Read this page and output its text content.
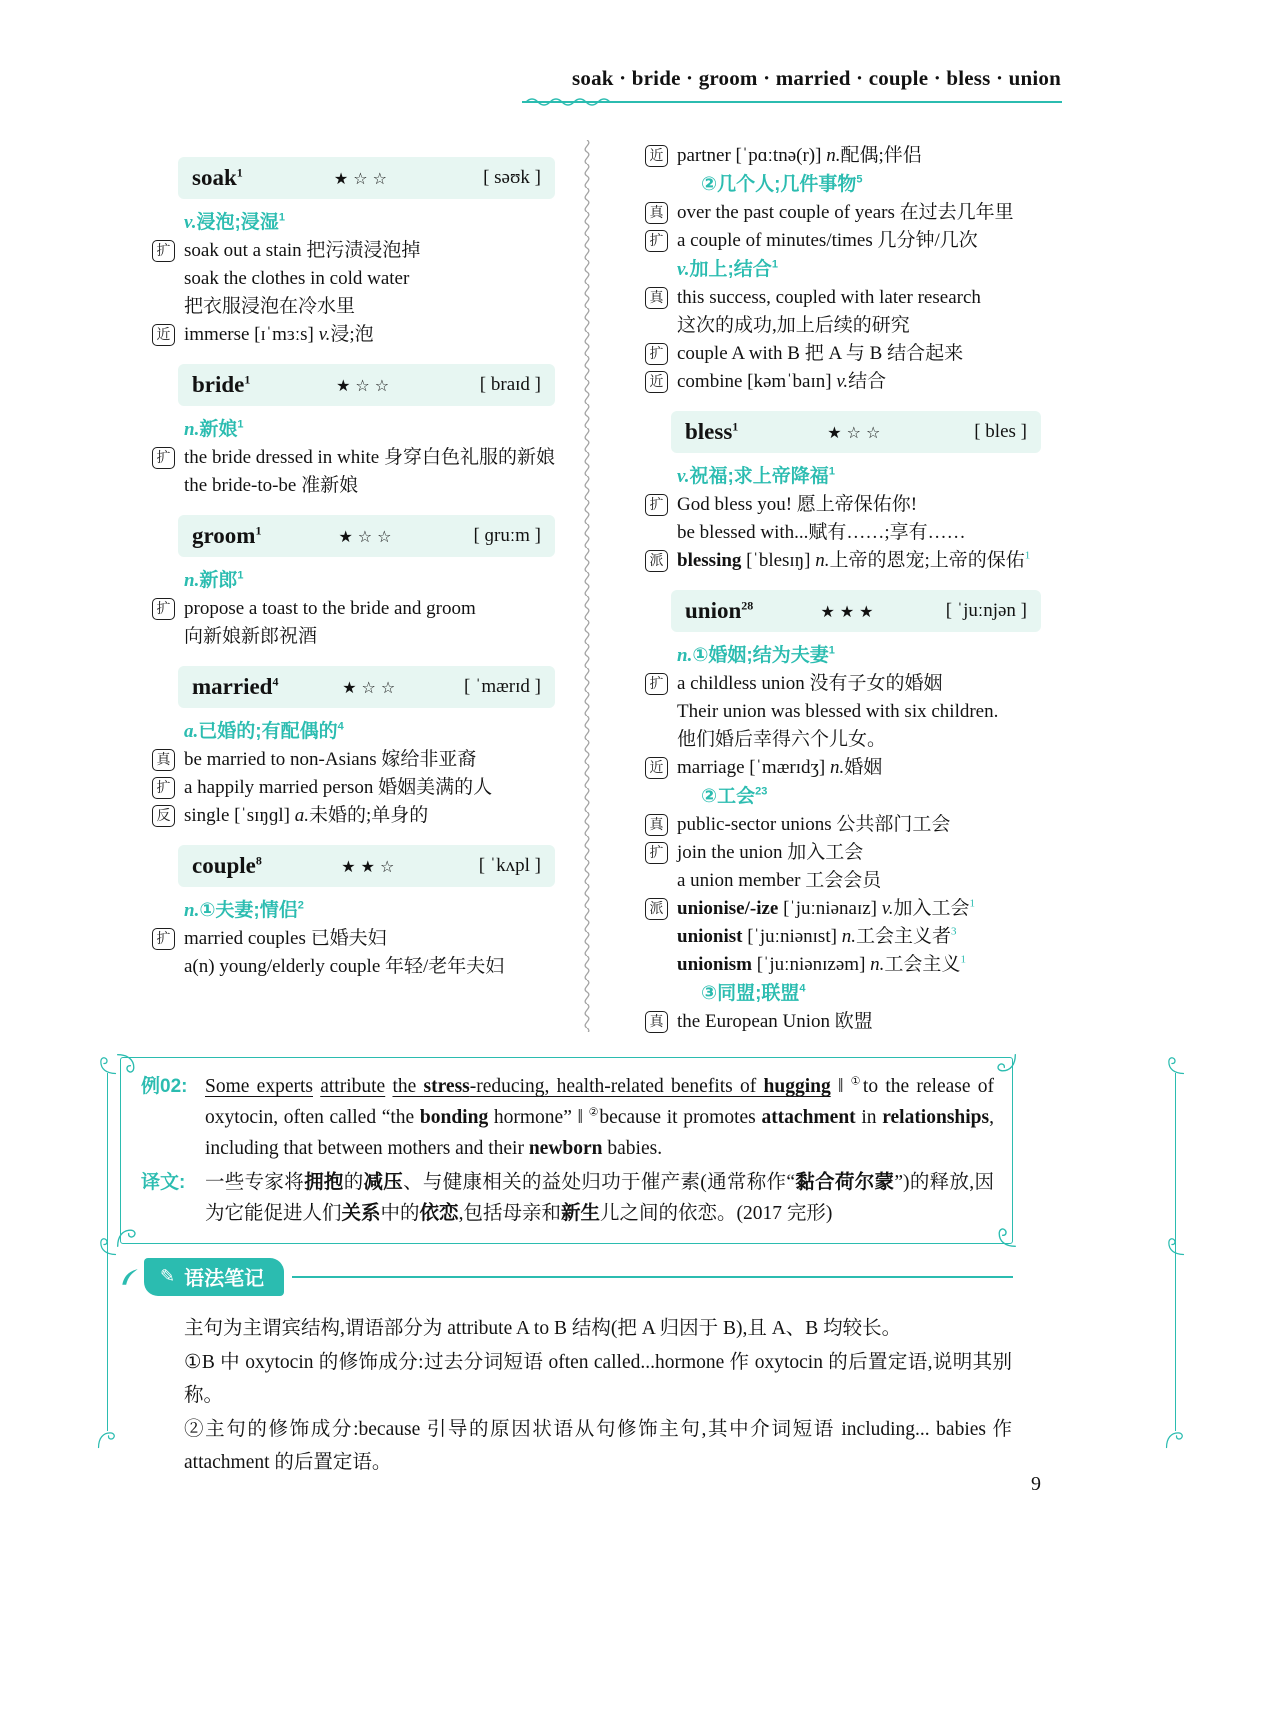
soak · bride · groom · married · couple · bless · union
soak$^1$	★☆☆	[ səʊk ]
v.浸泡;浸湿$^1$
扩 soak out a stain 把污渍浸泡掉
soak the clothes in cold water
把衣服浸泡在冷水里
近 immerse [ɪˈmɜːs] v.浸;泡
bride$^1$	★☆☆	[ braɪd ]
n.新娘$^1$
扩 the bride dressed in white 身穿白色礼服的新娘
the bride-to-be 准新娘
groom$^1$	★☆☆	[ ɡruːm ]
n.新郎$^1$
扩 propose a toast to the bride and groom
向新娘新郎祝酒
married$^4$	★☆☆	[ ˈmærɪd ]
a.已婚的;有配偶的$^4$
真 be married to non-Asians 嫁给非亚裔
扩 a happily married person 婚姻美满的人
反 single [ˈsɪŋɡl] a.未婚的;单身的
couple$^8$	★★☆	[ ˈkʌpl ]
n.①夫妻;情侣$^2$
扩 married couples 已婚夫妇
a(n) young/elderly couple 年轻/老年夫妇
近 partner [ˈpɑːtnə(r)] n.配偶;伴侣
②几个人;几件事物$^5$
真 over the past couple of years 在过去几年里
扩 a couple of minutes/times 几分钟/几次
v.加上;结合$^1$
真 this success, coupled with later research
这次的成功,加上后续的研究
扩 couple A with B 把 A 与 B 结合起来
近 combine [kəmˈbaɪn] v.结合
bless$^1$	★☆☆	[ bles ]
v.祝福;求上帝降福$^1$
扩 God bless you! 愿上帝保佑你!
be blessed with...赋有……;享有……
派 blessing [ˈblesɪŋ] n.上帝的恩宠;上帝的保佑$^1$
union$^{28}$	★★★	[ ˈjuːnjən ]
n.①婚姻;结为夫妻$^1$
扩 a childless union 没有子女的婚姻
Their union was blessed with six children.
他们婚后幸得六个儿女。
近 marriage [ˈmærɪdʒ] n.婚姻
②工会$^{23}$
真 public-sector unions 公共部门工会
扩 join the union 加入工会
a union member 工会会员
派 unionise/-ize [ˈjuːniənaɪz] v.加入工会$^1$
unionist [ˈjuːniənɪst] n.工会主义者$^3$
unionism [ˈjuːniənɪzəm] n.工会主义$^1$
③同盟;联盟$^4$
真 the European Union 欧盟
例02: Some experts attribute the stress-reducing, health-related benefits of hugging ‖ ①to the release of oxytocin, often called “the bonding hormone” ‖ ②because it promotes attachment in relationships, including that between mothers and their newborn babies.
译文:	一些专家将拥抱的减压、与健康相关的益处归功于催产素(通常称作“黏合荷尔蒙”)的释放,因为它能促进人们关系中的依恋,包括母亲和新生儿之间的依恋。(2017 完形)
✎ 语法笔记
主句为主谓宾结构,谓语部分为 attribute A to B 结构(把 A 归因于 B),且 A、B 均较长。
①B 中 oxytocin 的修饰成分:过去分词短语 often called...hormone 作 oxytocin 的后置定语,说明其别称。
②主句的修饰成分:because 引导的原因状语从句修饰主句,其中介词短语 including... babies 作 attachment 的后置定语。
9
